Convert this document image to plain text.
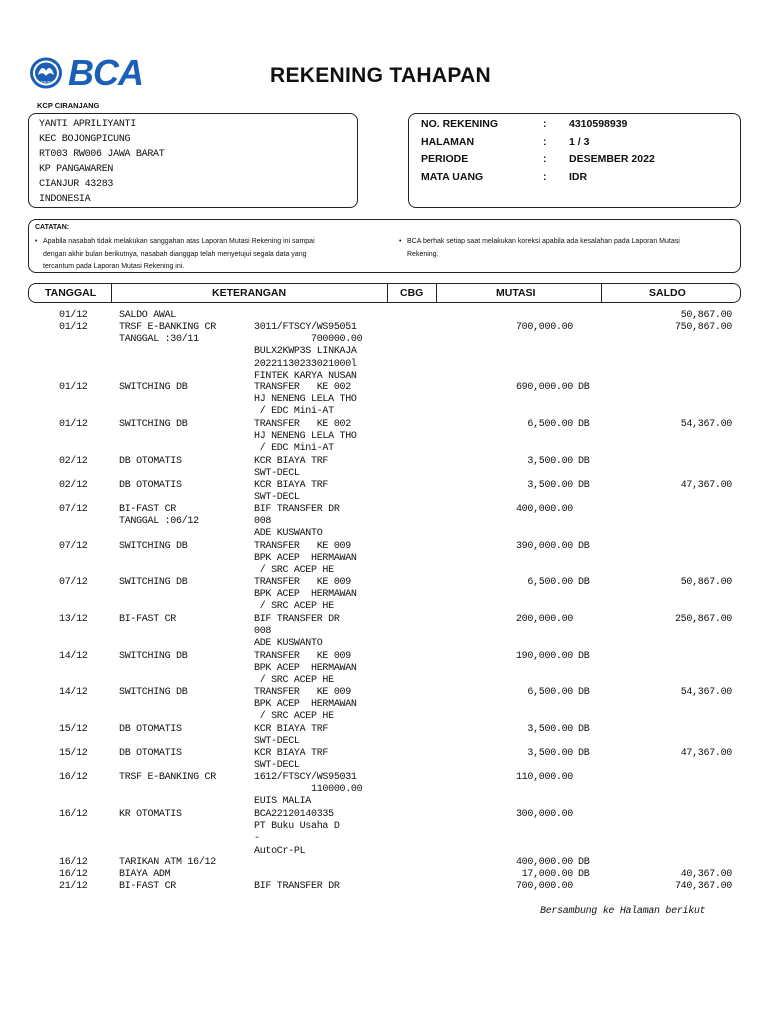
BANK BCA BCA	REKENING TAHAPAN
KCP CIRANJANG
YANTI APRILIYANTI
KEC BOJONGPICUNG
RT003 RW006 JAWA BARAT
KP PANGAWAREN
CIANJUR 43283
INDONESIA
NO. REKENING	: 4310598939
HALAMAN	: 1 / 3
PERIODE	: DESEMBER 2022
MATA UANG	: IDR
CATATAN:
• Apabila nasabah tidak melakukan sanggahan atas Laporan Mutasi Rekening ini sampai
dengan akhir bulan berikutnya, nasabah dianggap telah menyetujui segala data yang
tercantum pada Laporan Mutasi Rekening ini.
• BCA berhak setiap saat melakukan koreksi apabila ada kesalahan pada Laporan Mutasi
Rekening.
TANGGAL	KETERANGAN	CBG	MUTASI	SALDO
01/12	SALDO AWAL	50,867.00
01/12	TRSF E-BANKING CR
TANGGAL :30/11
3011/FTSCY/WS95051
700000.00
BULX2KWP3S LINKAJA
20221130233021000l
FINTEK KARYA NUSAN
700,000.00	750,867.00
01/12	SWITCHING DB	TRANSFER   KE 002
HJ NENENG LELA THO
/ EDC Mini-AT
690,000.00 DB
01/12	SWITCHING DB	TRANSFER   KE 002
HJ NENENG LELA THO
/ EDC Mini-AT
6,500.00 DB	54,367.00
02/12	DB OTOMATIS	KCR BIAYA TRF
SWT-DECL
3,500.00 DB
02/12	DB OTOMATIS	KCR BIAYA TRF
SWT-DECL
3,500.00 DB	47,367.00
07/12	BI-FAST CR
TANGGAL :06/12
BIF TRANSFER DR
008
ADE KUSWANTO
400,000.00
07/12	SWITCHING DB	TRANSFER   KE 009
BPK ACEP  HERMAWAN
/ SRC ACEP HE
390,000.00 DB
07/12	SWITCHING DB	TRANSFER   KE 009
BPK ACEP  HERMAWAN
/ SRC ACEP HE
6,500.00 DB	50,867.00
13/12	BI-FAST CR	BIF TRANSFER DR
008
ADE KUSWANTO
200,000.00	250,867.00
14/12	SWITCHING DB	TRANSFER   KE 009
BPK ACEP  HERMAWAN
/ SRC ACEP HE
190,000.00 DB
14/12	SWITCHING DB	TRANSFER   KE 009
BPK ACEP  HERMAWAN
/ SRC ACEP HE
6,500.00 DB	54,367.00
15/12	DB OTOMATIS	KCR BIAYA TRF
SWT-DECL
3,500.00 DB
15/12	DB OTOMATIS	KCR BIAYA TRF
SWT-DECL
3,500.00 DB	47,367.00
16/12	TRSF E-BANKING CR	1612/FTSCY/WS95031
110000.00
EUIS MALIA
110,000.00
16/12	KR OTOMATIS	BCA22120140335
PT Buku Usaha D
-
AutoCr-PL
300,000.00
16/12	TARIKAN ATM 16/12	400,000.00 DB
16/12	BIAYA ADM	17,000.00 DB	40,367.00
21/12	BI-FAST CR	BIF TRANSFER DR	700,000.00	740,367.00
Bersambung ke Halaman berikut
